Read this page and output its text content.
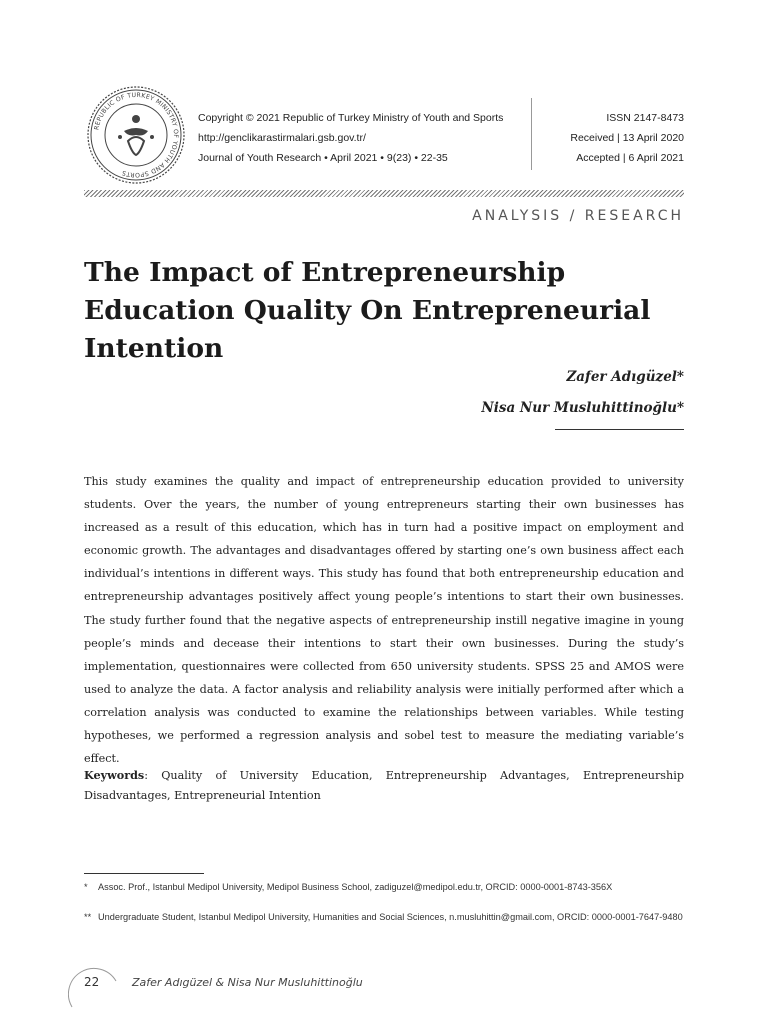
REPUBLIC OF TURKEY MINISTRY OF YOUTH AND SPORTS
Copyright © 2021 Republic of Turkey Ministry of Youth and Sports
http://genclikarastirmalari.gsb.gov.tr/
Journal of Youth Research • April 2021 • 9(23) • 22-35
ISSN 2147-8473
Received | 13 April 2020
Accepted | 6 April 2021
ANALYSIS / RESEARCH
The Impact of Entrepreneurship Education Quality On Entrepreneurial Intention
Zafer Adıgüzel*
Nisa Nur Musluhittinoğlu*

This study examines the quality and impact of entrepreneurship education provided to university students. Over the years, the number of young entrepreneurs starting their own businesses has increased as a result of this education, which has in turn had a positive impact on employment and economic growth. The advantages and disadvantages offered by starting one’s own business affect each individual’s intentions in different ways. This study has found that both entrepreneurship education and entrepreneurship advantages positively affect young people’s intentions to start their own businesses. The study further found that the negative aspects of entrepreneurship instill negative imagine in young people’s minds and decease their intentions to start their own businesses. During the study’s implementation, questionnaires were collected from 650 university students. SPSS 25 and AMOS were used to analyze the data. A factor analysis and reliability analysis were initially performed after which a correlation analysis was conducted to examine the relationships between variables. While testing hypotheses, we performed a regression analysis and sobel test to measure the mediating variable’s effect.

Keywords: Quality of University Education, Entrepreneurship Advantages, Entrepreneurship Disadvantages, Entrepreneurial Intention

* Assoc. Prof., Istanbul Medipol University, Medipol Business School, zadiguzel@medipol.edu.tr, ORCID: 0000-0001-8743-356X
** Undergraduate Student, Istanbul Medipol University, Humanities and Social Sciences, n.musluhittin@gmail.com, ORCID: 0000-0001-7647-9480
22	Zafer Adıgüzel & Nisa Nur Musluhittinoğlu
